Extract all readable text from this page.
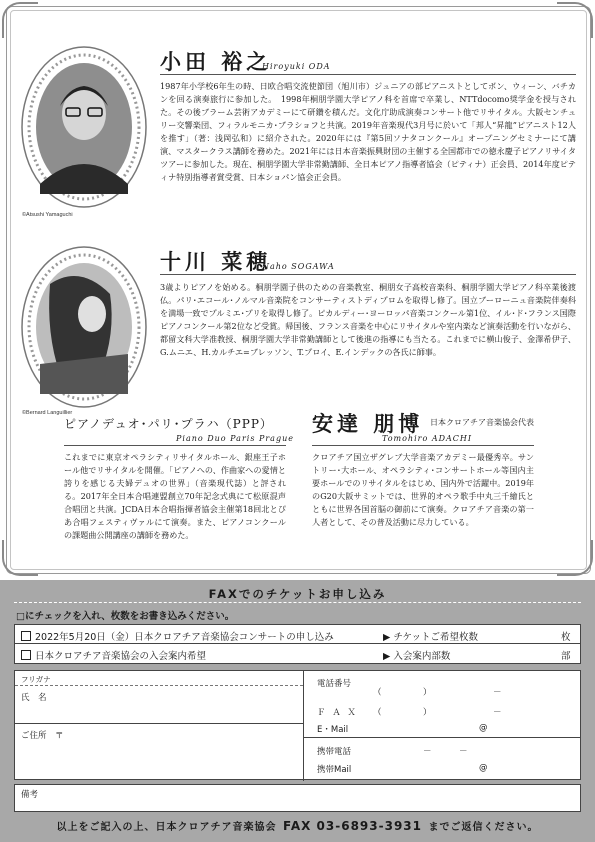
©Atsushi Yamaguchi
小田 裕之
Hiroyuki ODA
1987年小学校6年生の時、日欧合唱交流使節団（旭川市）ジュニアの部ピアニストとしてボン、ウィーン、バチカンを回る演奏旅行に参加した。　1998年桐朋学園大学ピアノ科を首席で卒業し、NTTdocomo奨学金を授与された。その後ブラーム芸術アカデミーにて研鑽を積んだ。文化庁助成演奏コンサート他でリサイタル。大阪センチュリー交響楽団、フィラルモニカ･ブラショフと共演。2019年音楽現代3月号に於いて「邦人“昇龍”ピアニスト12人を推す」（著：浅岡弘和）に紹介された。2020年には『第5回ソナタコンクール』オープニングセミナーにて講演、マスタークラス講師を務めた。2021年には日本音楽振興財団の主催する全国都市での徳永慶子ピアノリサイタツアーに参加した。現在、桐朋学園大学非常勤講師、全日本ピアノ指導者協会（ピティナ）正会員、2014年度ピティナ特別指導者賞受賞、日本ショパン協会正会員。
©Bernard Languillier
十川 菜穂
Naho SOGAWA
3歳よりピアノを始める。桐朋学園子供のための音楽教室、桐朋女子高校音楽科、桐朋学園大学ピアノ科卒業後渡仏。パリ･エコール･ノルマル音楽院をコンサーティストディプロムを取得し修了。国立ブーローニュ音楽院伴奏科を満場一致でプルミエ･プリを取得し修了。ピカルディー･ヨーロッパ音楽コンクール第1位、イル･ド･フランス国際ピアノコンクール第2位など受賞。帰国後、フランス音楽を中心にリサイタルや室内楽など演奏活動を行いながら、都留文科大学准教授、桐朋学園大学非常勤講師として後進の指導にも当たる。これまでに横山俊子、金澤希伊子、G.ムニエ、H.カルチエ=ブレッソン、T.プロイ、E.インデックの各氏に師事。
ピアノデュオ･パリ･プラハ（PPP）
Piano Duo Paris Prague
これまでに東京オペラシティリサイタルホール、銀座王子ホール他でリサイタルを開催。「ピアノへの、作曲家への愛情と誇りを感じる夫婦デュオの世界」（音楽現代誌）と評される。2017年全日本合唱連盟創立70年記念式典にて松原混声合唱団と共演。JCDA日本合唱指揮者協会主催第18回北とぴあ合唱フェスティヴァルにて演奏。また、ピアノコンクールの課題曲公開講座の講師を務めた。
安達 朋博 日本クロアチア音楽協会代表
Tomohiro ADACHI
クロアチア国立ザグレブ大学音楽アカデミー最優秀卒。サントリー･大ホール、オペラシティ･コンサートホール等国内主要ホールでのリサイタルをはじめ、国内外で活躍中。2019年のG20大阪サミットでは、世界的オペラ歌手中丸三千繪氏とともに世界各国首脳の御前にて演奏。クロアチア音楽の第一人者として、その普及活動に尽力している。
FAXでのチケットお申し込み
□にチェックを入れ、枚数をお書き込みください。
2022年5月20日（金）日本クロアチア音楽協会コンサートの申し込み	▶ チケットご希望枚数	枚
日本クロアチア音楽協会の入会案内希望	▶ 入会案内部数	部
フリガナ
氏　名
ご住所　〒
電話番号
（	）	－
Ｆ Ａ Ｘ （	）	－
E・Mail	@
携帯電話	－	－
携帯Mail	@
備考
以上をご記入の上、日本クロアチア音楽協会 FAX 03-6893-3931 までご返信ください。
